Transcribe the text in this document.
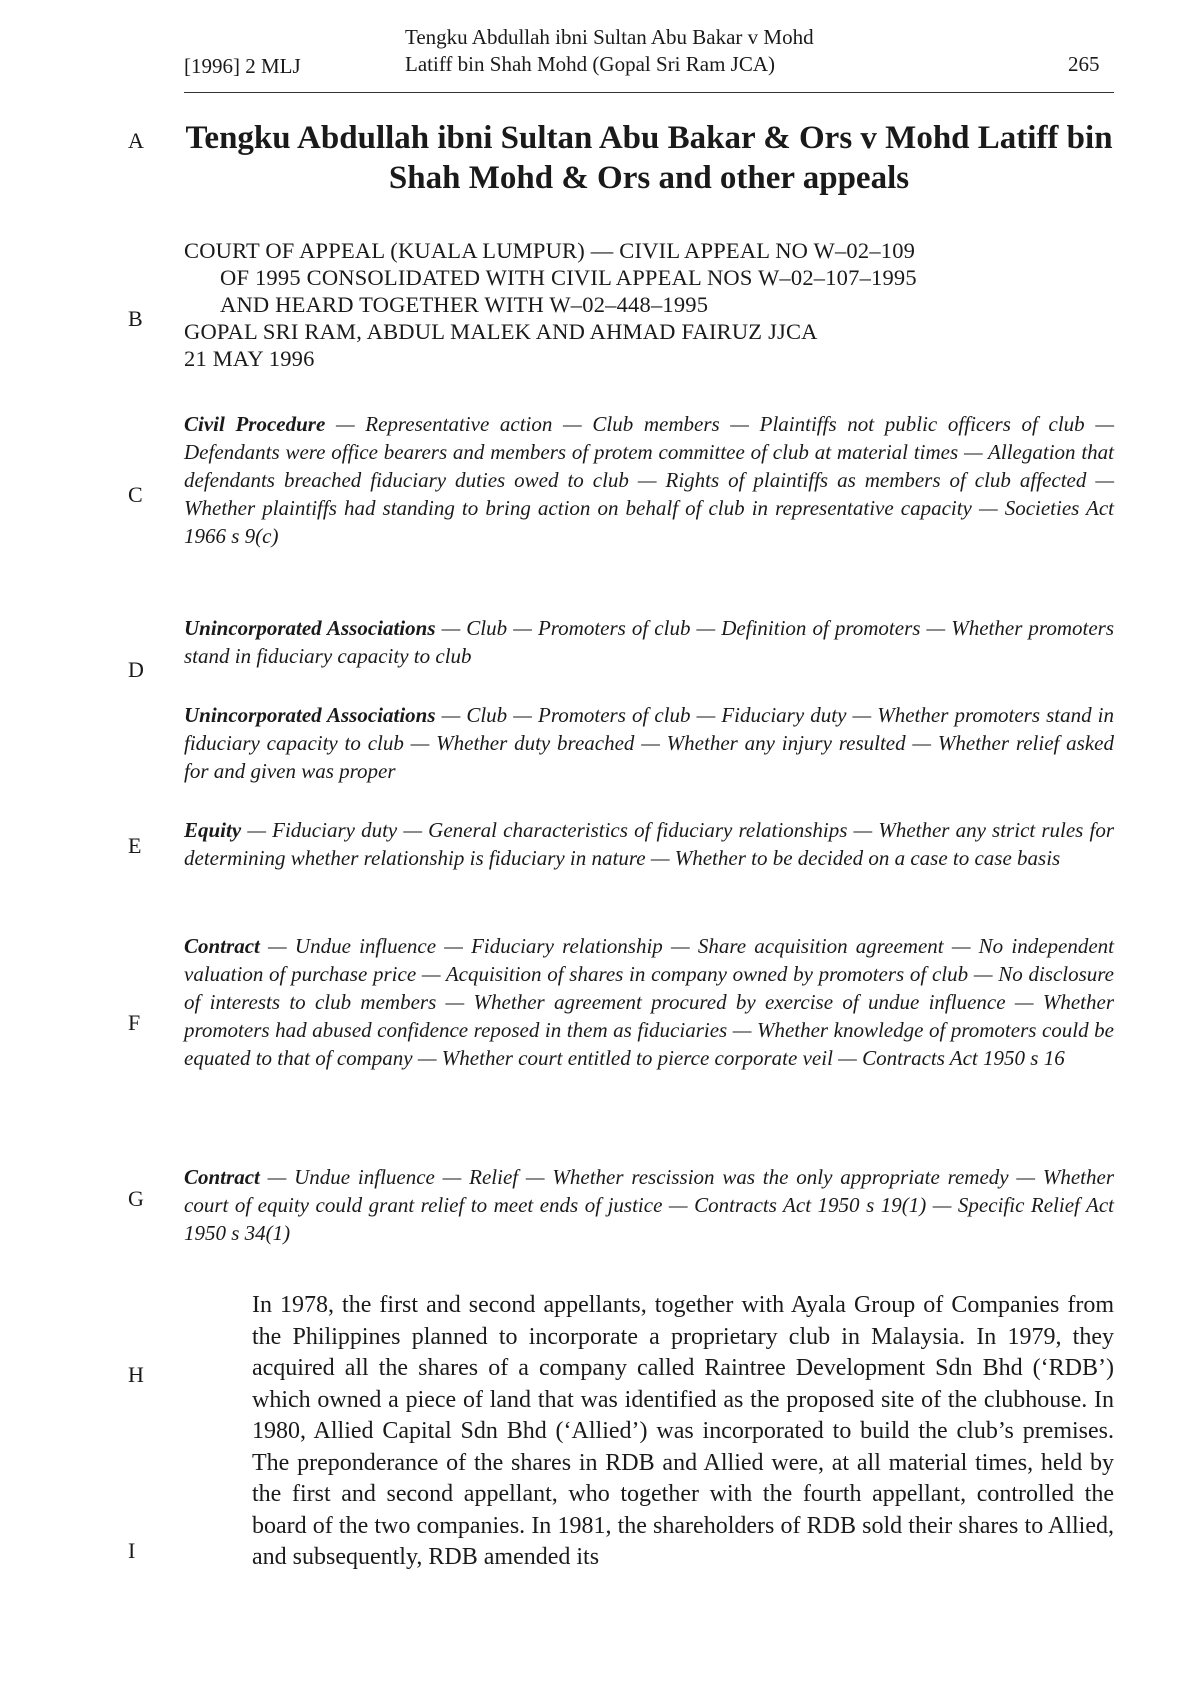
[1996] 2 MLJ
Tengku Abdullah ibni Sultan Abu Bakar v Mohd
Latiff bin Shah Mohd (Gopal Sri Ram JCA)	265
A
B
C
D
E
F
G
H
I
Tengku Abdullah ibni Sultan Abu Bakar & Ors v Mohd Latiff bin Shah Mohd & Ors and other appeals
COURT OF APPEAL (KUALA LUMPUR) — CIVIL APPEAL NO W–02–109
OF 1995 CONSOLIDATED WITH CIVIL APPEAL NOS W–02–107–1995
AND HEARD TOGETHER WITH W–02–448–1995
GOPAL SRI RAM, ABDUL MALEK AND AHMAD FAIRUZ JJCA
21 MAY 1996
Civil Procedure — Representative action — Club members — Plaintiffs not public officers of club — Defendants were office bearers and members of protem committee of club at material times — Allegation that defendants breached fiduciary duties owed to club — Rights of plaintiffs as members of club affected — Whether plaintiffs had standing to bring action on behalf of club in representative capacity — Societies Act 1966 s 9(c)
Unincorporated Associations — Club — Promoters of club — Definition of promoters — Whether promoters stand in fiduciary capacity to club
Unincorporated Associations — Club — Promoters of club — Fiduciary duty — Whether promoters stand in fiduciary capacity to club — Whether duty breached — Whether any injury resulted — Whether relief asked for and given was proper
Equity — Fiduciary duty — General characteristics of fiduciary relationships — Whether any strict rules for determining whether relationship is fiduciary in nature — Whether to be decided on a case to case basis
Contract — Undue influence — Fiduciary relationship — Share acquisition agreement — No independent valuation of purchase price — Acquisition of shares in company owned by promoters of club — No disclosure of interests to club members — Whether agreement procured by exercise of undue influence — Whether promoters had abused confidence reposed in them as fiduciaries — Whether knowledge of promoters could be equated to that of company — Whether court entitled to pierce corporate veil — Contracts Act 1950 s 16
Contract — Undue influence — Relief — Whether rescission was the only appropriate remedy — Whether court of equity could grant relief to meet ends of justice — Contracts Act 1950 s 19(1) — Specific Relief Act 1950 s 34(1)
In 1978, the first and second appellants, together with Ayala Group of Companies from the Philippines planned to incorporate a proprietary club in Malaysia. In 1979, they acquired all the shares of a company called Raintree Development Sdn Bhd (‘RDB’) which owned a piece of land that was identified as the proposed site of the clubhouse. In 1980, Allied Capital Sdn Bhd (‘Allied’) was incorporated to build the club’s premises. The preponderance of the shares in RDB and Allied were, at all material times, held by the first and second appellant, who together with the fourth appellant, controlled the board of the two companies. In 1981, the shareholders of RDB sold their shares to Allied, and subsequently, RDB amended its
